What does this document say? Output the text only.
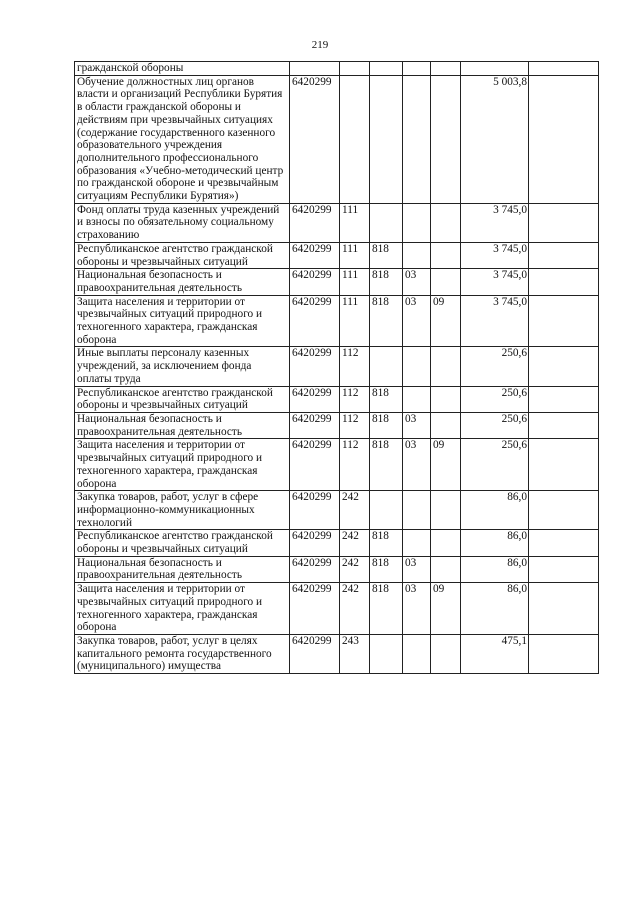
219
гражданской обороны							
Обучение должностных лиц органов власти и организаций Республики Бурятия в области гражданской обороны и действиям при чрезвычайных ситуациях (содержание государственного казенного образовательного учреждения дополнительного профессионального образования «Учебно-методический центр по гражданской обороне и чрезвычайным ситуациям Республики Бурятия»)	6420299					5 003,8	
Фонд оплаты труда казенных учреждений и взносы по обязательному социальному страхованию	6420299	111				3 745,0	
Республиканское агентство гражданской обороны и чрезвычайных ситуаций	6420299	111	818			3 745,0	
Национальная безопасность и правоохранительная деятельность	6420299	111	818	03		3 745,0	
Защита населения и территории от чрезвычайных ситуаций природного и техногенного характера, гражданская оборона	6420299	111	818	03	09	3 745,0	
Иные выплаты персоналу казенных учреждений, за исключением фонда оплаты труда	6420299	112				250,6	
Республиканское агентство гражданской обороны и чрезвычайных ситуаций	6420299	112	818			250,6	
Национальная безопасность и правоохранительная деятельность	6420299	112	818	03		250,6	
Защита населения и территории от чрезвычайных ситуаций природного и техногенного характера, гражданская оборона	6420299	112	818	03	09	250,6	
Закупка товаров, работ, услуг в сфере информационно-коммуникационных технологий	6420299	242				86,0	
Республиканское агентство гражданской обороны и чрезвычайных ситуаций	6420299	242	818			86,0	
Национальная безопасность и правоохранительная деятельность	6420299	242	818	03		86,0	
Защита населения и территории от чрезвычайных ситуаций природного и техногенного характера, гражданская оборона	6420299	242	818	03	09	86,0	
Закупка товаров, работ, услуг в целях капитального ремонта государственного (муниципального) имущества	6420299	243				475,1	
